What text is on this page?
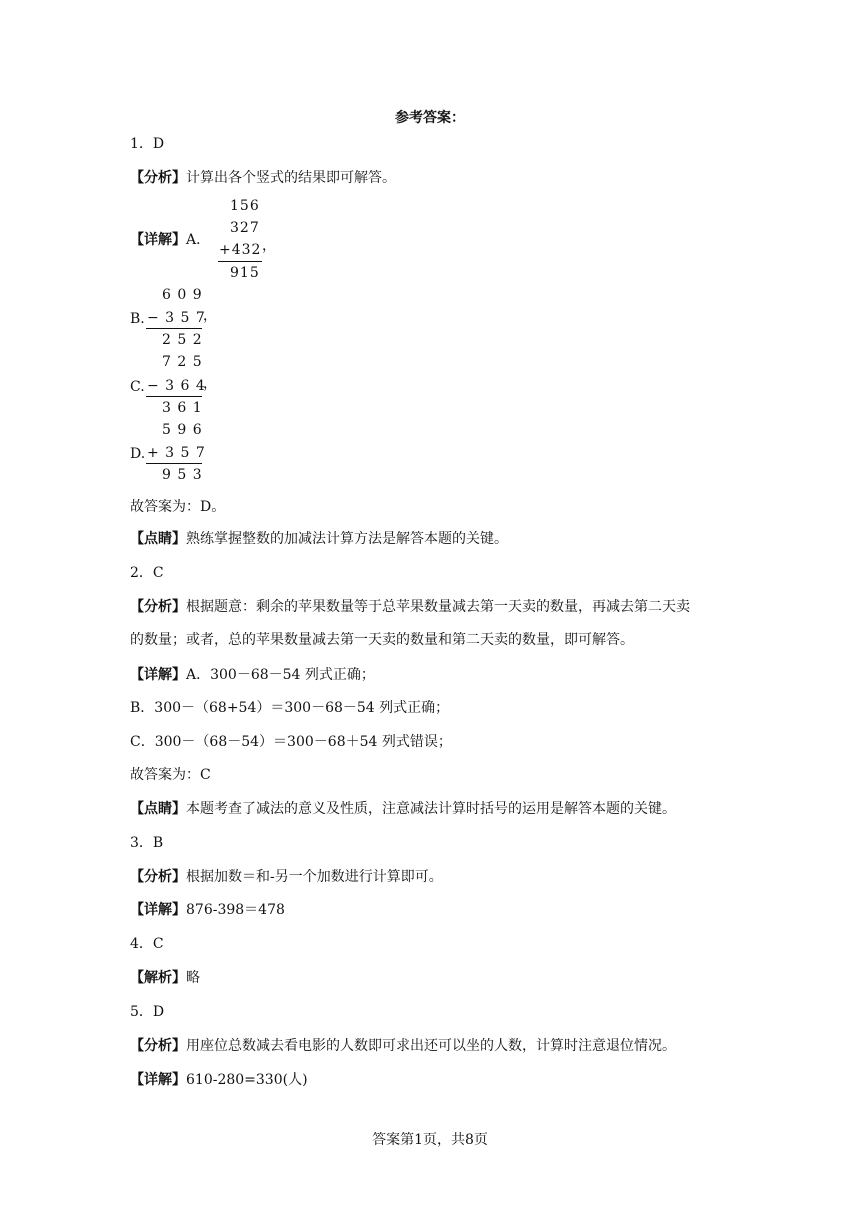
参考答案：
1．D
【分析】计算出各个竖式的结果即可解答。
【详解】A．
156
327
+432 ，
915
6 0 9
B. − 3 5 7
，
2 5 2
7 2 5
C. − 3 6 4
，
3 6 1
5 9 6
D. + 3 5 7
9 5 3
故答案为：D。
【点睛】熟练掌握整数的加减法计算方法是解答本题的关键。
2．C
【分析】根据题意：剩余的苹果数量等于总苹果数量减去第一天卖的数量，再减去第二天卖
的数量；或者，总的苹果数量减去第一天卖的数量和第二天卖的数量，即可解答。
【详解】A．300－68－54 列式正确；
B．300－（68+54）＝300－68－54 列式正确；
C．300－（68－54）＝300－68＋54 列式错误；
故答案为：C
【点睛】本题考查了减法的意义及性质，注意减法计算时括号的运用是解答本题的关键。
3．B
【分析】根据加数＝和-另一个加数进行计算即可。
【详解】876-398＝478
4．C
【解析】略
5．D
【分析】用座位总数减去看电影的人数即可求出还可以坐的人数，计算时注意退位情况。
【详解】610-280=330(人)
答案第1页，共8页
